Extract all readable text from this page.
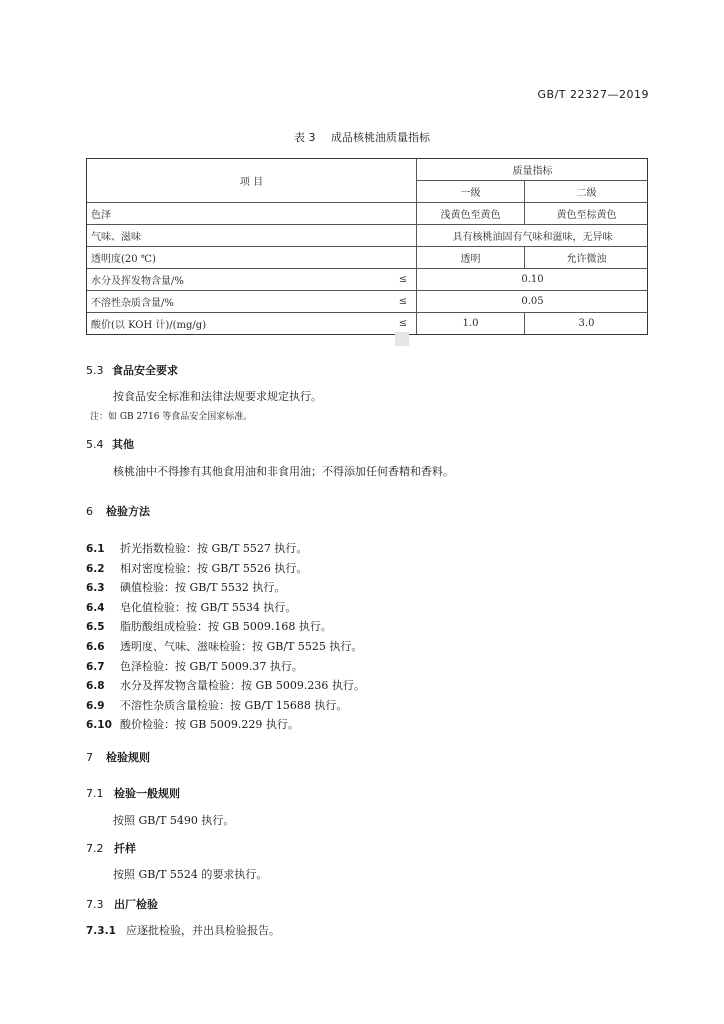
GB/T 22327—2019
表 3 成品核桃油质量指标
项 目
质量指标
一级	二级
色泽	浅黄色至黄色	黄色至棕黄色
气味、滋味	具有核桃油固有气味和滋味，无异味
透明度(20 ℃)	透明	允许微浊
水分及挥发物含量/%	≤	0.10
不溶性杂质含量/%	≤	0.05
酸价(以 KOH 计)/(mg/g)	≤	1.0	3.0
5.3 食品安全要求
按食品安全标准和法律法规要求规定执行。
注：如 GB 2716 等食品安全国家标准。
5.4 其他
核桃油中不得掺有其他食用油和非食用油；不得添加任何香精和香料。
6 检验方法
6.1 折光指数检验：按 GB/T 5527 执行。
6.2 相对密度检验：按 GB/T 5526 执行。
6.3 碘值检验：按 GB/T 5532 执行。
6.4 皂化值检验：按 GB/T 5534 执行。
6.5 脂肪酸组成检验：按 GB 5009.168 执行。
6.6 透明度、气味、滋味检验：按 GB/T 5525 执行。
6.7 色泽检验：按 GB/T 5009.37 执行。
6.8 水分及挥发物含量检验：按 GB 5009.236 执行。
6.9 不溶性杂质含量检验：按 GB/T 15688 执行。
6.10 酸价检验：按 GB 5009.229 执行。
7 检验规则
7.1 检验一般规则
按照 GB/T 5490 执行。
7.2 扦样
按照 GB/T 5524 的要求执行。
7.3 出厂检验
7.3.1 应逐批检验，并出具检验报告。
